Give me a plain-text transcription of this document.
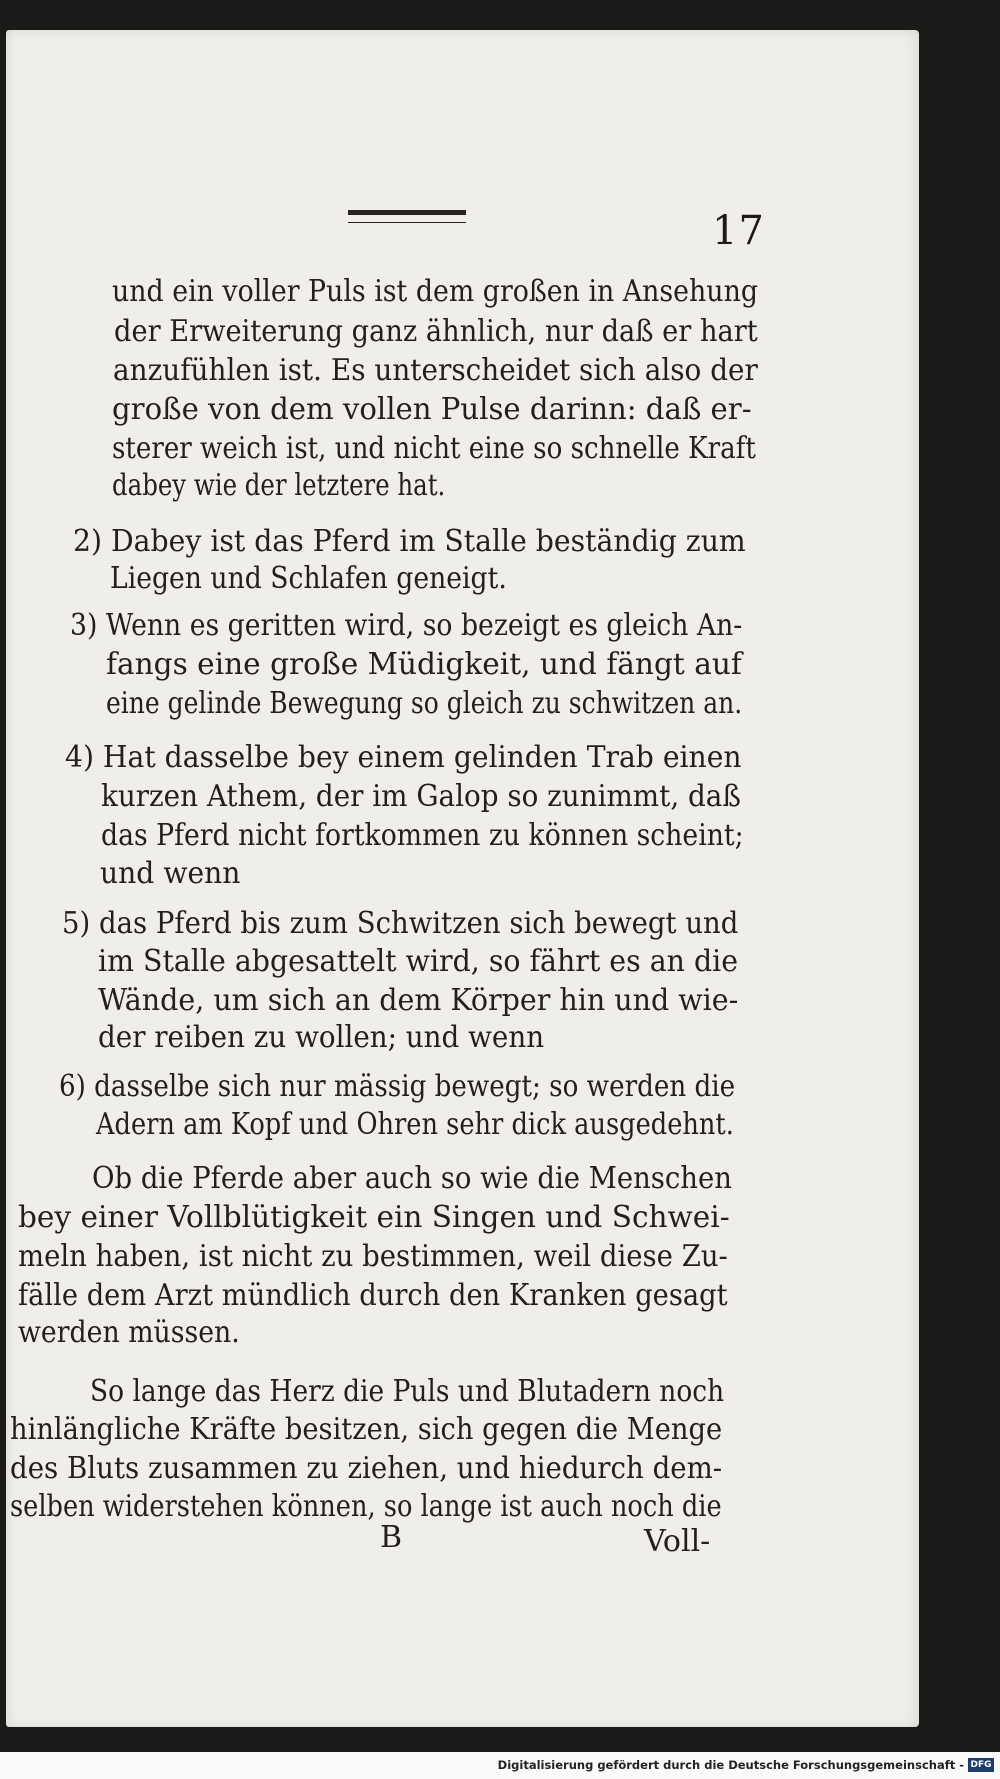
17
und ein voller Puls ist dem großen in Ansehung
der Erweiterung ganz ähnlich, nur daß er hart
anzufühlen ist. Es unterscheidet sich also der
große von dem vollen Pulse darinn: daß er-
sterer weich ist, und nicht eine so schnelle Kraft
dabey wie der letztere hat.
2) Dabey ist das Pferd im Stalle beständig zum
Liegen und Schlafen geneigt.
3) Wenn es geritten wird, so bezeigt es gleich An-
fangs eine große Müdigkeit, und fängt auf
eine gelinde Bewegung so gleich zu schwitzen an.
4) Hat dasselbe bey einem gelinden Trab einen
kurzen Athem, der im Galop so zunimmt, daß
das Pferd nicht fortkommen zu können scheint;
und wenn
5) das Pferd bis zum Schwitzen sich bewegt und
im Stalle abgesattelt wird, so fährt es an die
Wände, um sich an dem Körper hin und wie-
der reiben zu wollen; und wenn
6) dasselbe sich nur mässig bewegt; so werden die
Adern am Kopf und Ohren sehr dick ausgedehnt.
Ob die Pferde aber auch so wie die Menschen
bey einer Vollblütigkeit ein Singen und Schwei-
meln haben, ist nicht zu bestimmen, weil diese Zu-
fälle dem Arzt mündlich durch den Kranken gesagt
werden müssen.
So lange das Herz die Puls und Blutadern noch
hinlängliche Kräfte besitzen, sich gegen die Menge
des Bluts zusammen zu ziehen, und hiedurch dem-
selben widerstehen können, so lange ist auch noch die
B	Voll-
Digitalisierung gefördert durch die Deutsche Forschungsgemeinschaft - DFG
